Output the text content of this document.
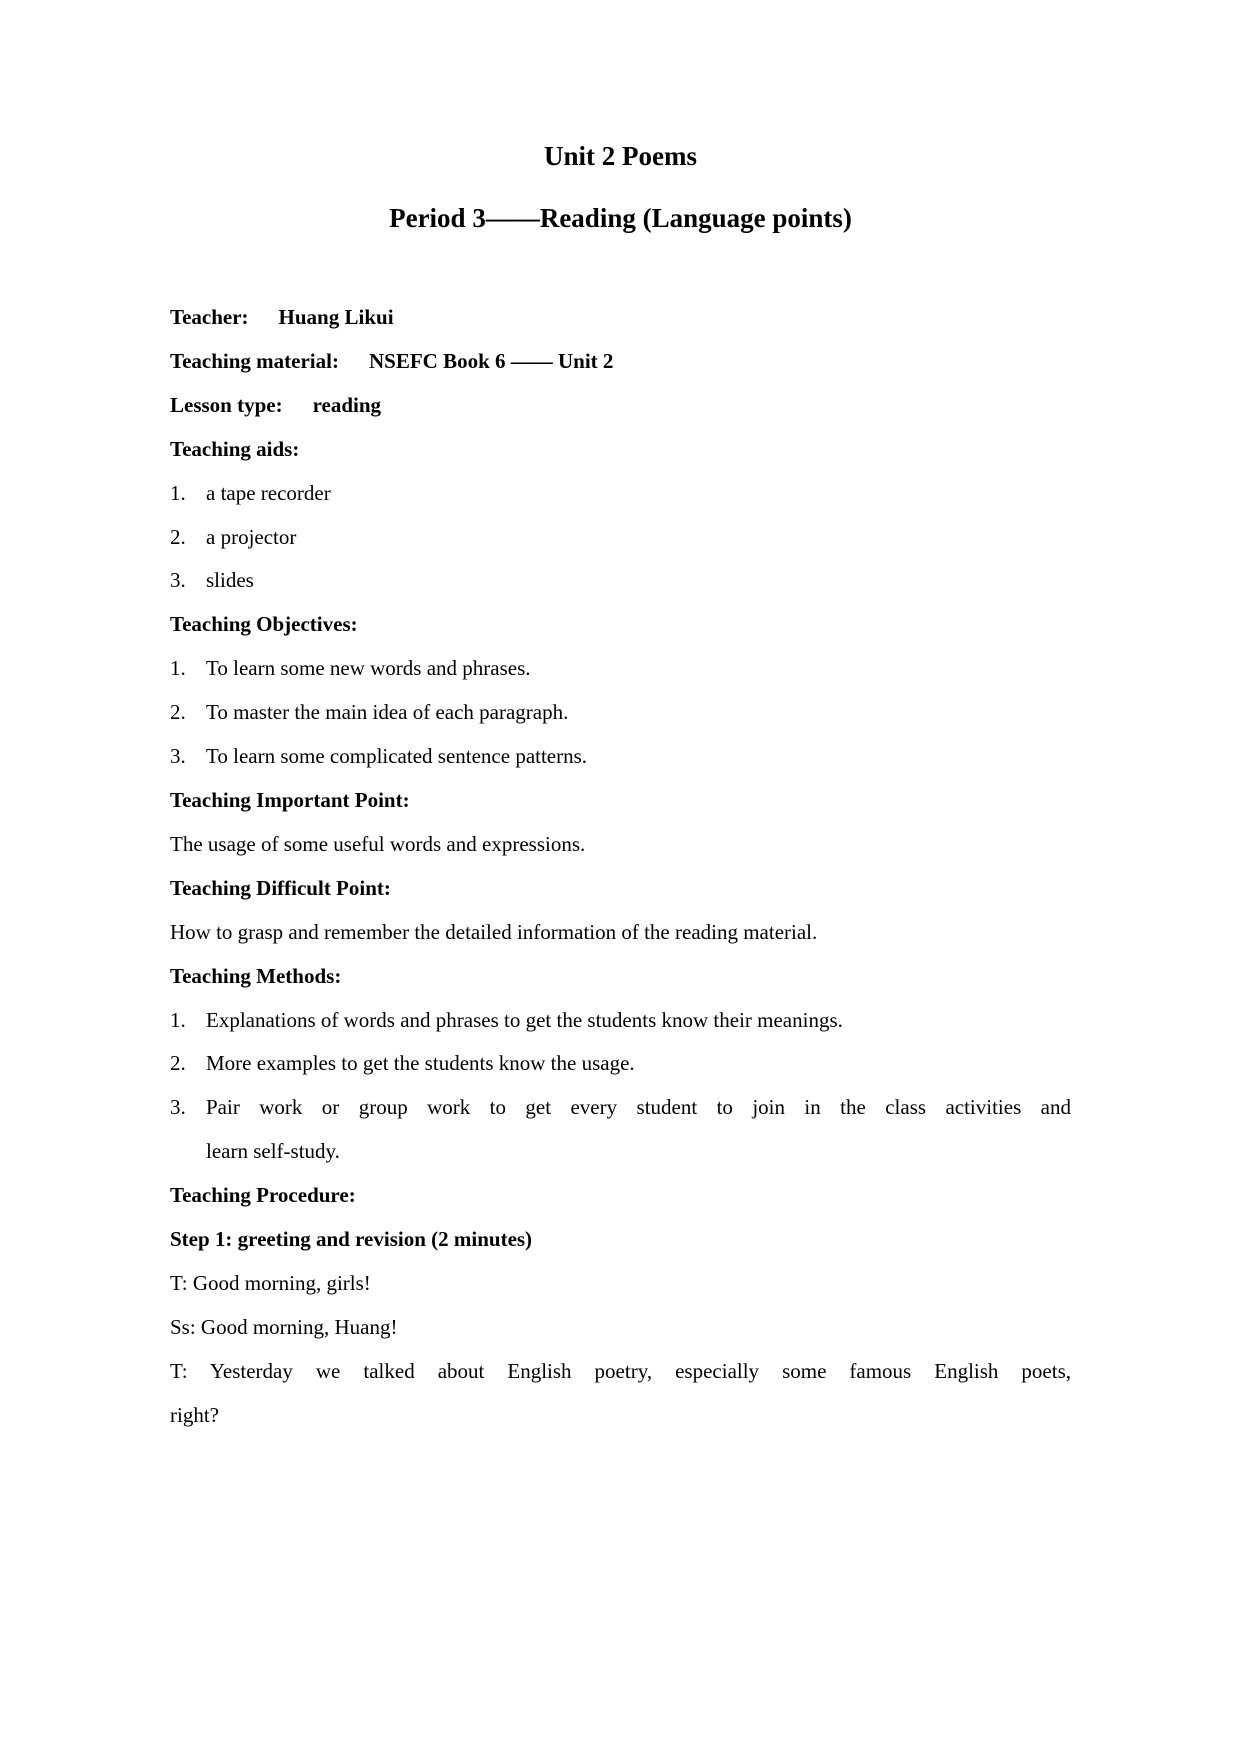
Unit 2 Poems
Period 3——Reading (Language points)

Teacher: Huang Likui

Teaching material: NSEFC Book 6 —— Unit 2

Lesson type: reading

Teaching aids:

a tape recorder
a projector
slides

Teaching Objectives:

To learn some new words and phrases.
To master the main idea of each paragraph.
To learn some complicated sentence patterns.

Teaching Important Point:

The usage of some useful words and expressions.

Teaching Difficult Point:

How to grasp and remember the detailed information of the reading material.

Teaching Methods:

Explanations of words and phrases to get the students know their meanings.
More examples to get the students know the usage.
Pair work or group work to get every student to join in the class activities and
learn self-study.

Teaching Procedure:

Step 1: greeting and revision (2 minutes)

T: Good morning, girls!

Ss: Good morning, Huang!

T: Yesterday we talked about English poetry, especially some famous English poets,
right?
